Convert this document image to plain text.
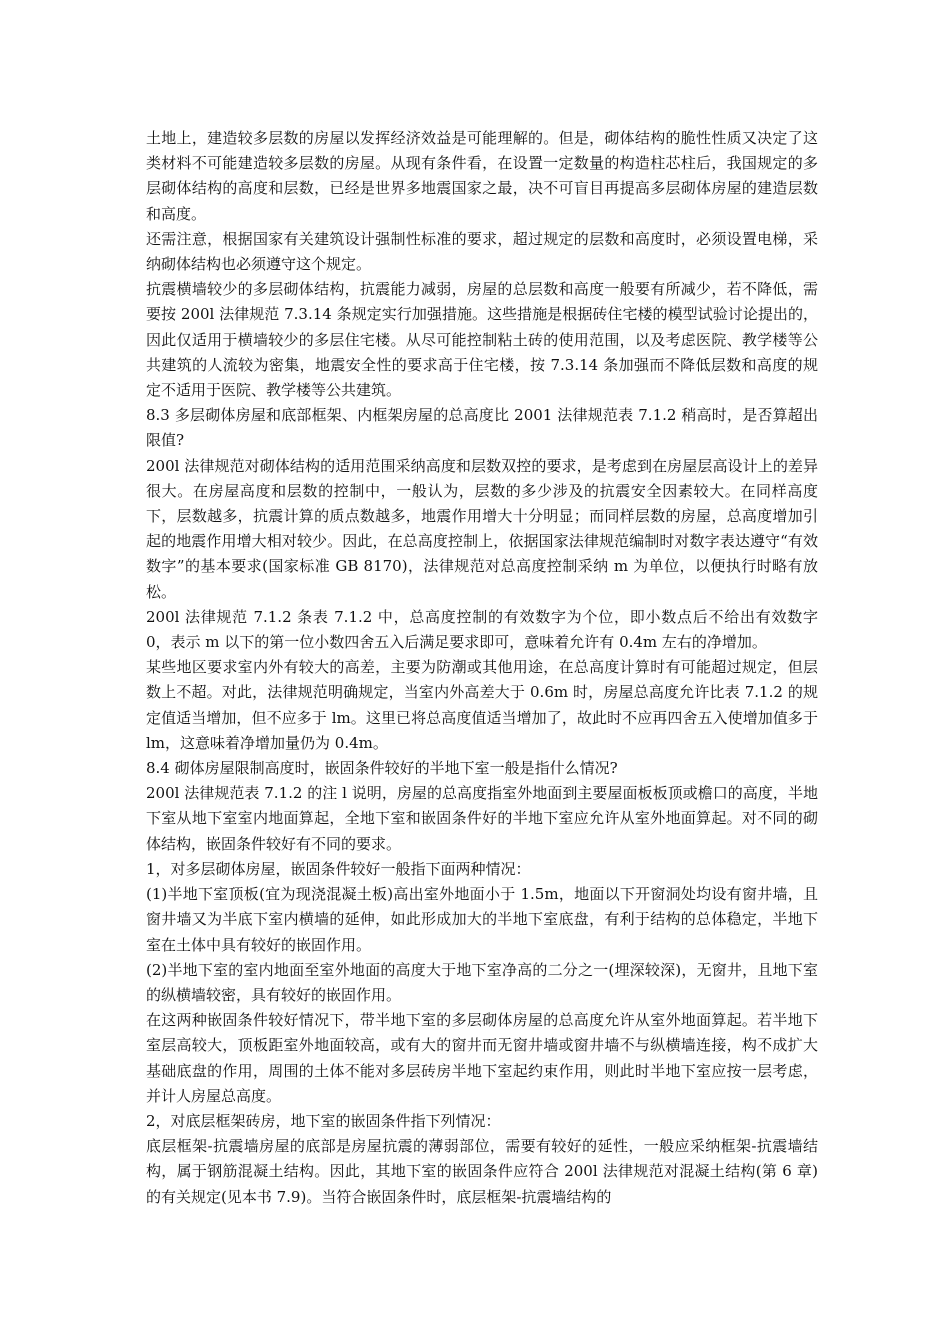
土地上，建造较多层数的房屋以发挥经济效益是可能理解的。但是，砌体结构的脆性性质又决定了这类材料不可能建造较多层数的房屋。从现有条件看，在设置一定数量的构造柱芯柱后，我国规定的多层砌体结构的高度和层数，已经是世界多地震国家之最，决不可盲目再提高多层砌体房屋的建造层数和高度。

还需注意，根据国家有关建筑设计强制性标准的要求，超过规定的层数和高度时，必须设置电梯，采纳砌体结构也必须遵守这个规定。

抗震横墙较少的多层砌体结构，抗震能力减弱，房屋的总层数和高度一般要有所减少，若不降低，需要按 200l 法律规范 7.3.14 条规定实行加强措施。这些措施是根据砖住宅楼的模型试验讨论提出的，因此仅适用于横墙较少的多层住宅楼。从尽可能控制粘土砖的使用范围，以及考虑医院、教学楼等公共建筑的人流较为密集，地震安全性的要求高于住宅楼，按 7.3.14 条加强而不降低层数和高度的规定不适用于医院、教学楼等公共建筑。

8.3 多层砌体房屋和底部框架、内框架房屋的总高度比 2001 法律规范表 7.1.2 稍高时，是否算超出限值?

200l 法律规范对砌体结构的适用范围采纳高度和层数双控的要求，是考虑到在房屋层高设计上的差异很大。在房屋高度和层数的控制中，一般认为，层数的多少涉及的抗震安全因素较大。在同样高度下，层数越多，抗震计算的质点数越多，地震作用增大十分明显；而同样层数的房屋，总高度增加引起的地震作用增大相对较少。因此，在总高度控制上，依据国家法律规范编制时对数字表达遵守“有效数字”的基本要求(国家标准 GB 8170)，法律规范对总高度控制采纳 m 为单位，以便执行时略有放松。

200l 法律规范 7.1.2 条表 7.1.2 中，总高度控制的有效数字为个位，即小数点后不给出有效数字 0，表示 m 以下的第一位小数四舍五入后满足要求即可，意味着允许有 0.4m 左右的净增加。

某些地区要求室内外有较大的高差，主要为防潮或其他用途，在总高度计算时有可能超过规定，但层数上不超。对此，法律规范明确规定，当室内外高差大于 0.6m 时，房屋总高度允许比表 7.1.2 的规定值适当增加，但不应多于 lm。这里已将总高度值适当增加了，故此时不应再四舍五入使增加值多于 lm，这意味着净增加量仍为 0.4m。

8.4 砌体房屋限制高度时，嵌固条件较好的半地下室一般是指什么情况?

200l 法律规范表 7.1.2 的注 l 说明，房屋的总高度指室外地面到主要屋面板板顶或檐口的高度，半地下室从地下室室内地面算起，全地下室和嵌固条件好的半地下室应允许从室外地面算起。对不同的砌体结构，嵌固条件较好有不同的要求。

1，对多层砌体房屋，嵌固条件较好一般指下面两种情况：

(1)半地下室顶板(宜为现浇混凝土板)高出室外地面小于 1.5m，地面以下开窗洞处均设有窗井墙，且窗井墙又为半底下室内横墙的延伸，如此形成加大的半地下室底盘，有利于结构的总体稳定，半地下室在土体中具有较好的嵌固作用。

(2)半地下室的室内地面至室外地面的高度大于地下室净高的二分之一(埋深较深)，无窗井，且地下室的纵横墙较密，具有较好的嵌固作用。

在这两种嵌固条件较好情况下，带半地下室的多层砌体房屋的总高度允许从室外地面算起。若半地下室层高较大，顶板距室外地面较高，或有大的窗井而无窗井墙或窗井墙不与纵横墙连接，构不成扩大基础底盘的作用，周围的土体不能对多层砖房半地下室起约束作用，则此时半地下室应按一层考虑，并计人房屋总高度。

2，对底层框架砖房，地下室的嵌固条件指下列情况：

底层框架-抗震墙房屋的底部是房屋抗震的薄弱部位，需要有较好的延性，一般应采纳框架-抗震墙结构，属于钢筋混凝土结构。因此，其地下室的嵌固条件应符合 200l 法律规范对混凝土结构(第 6 章)的有关规定(见本书 7.9)。当符合嵌固条件时，底层框架-抗震墙结构的
